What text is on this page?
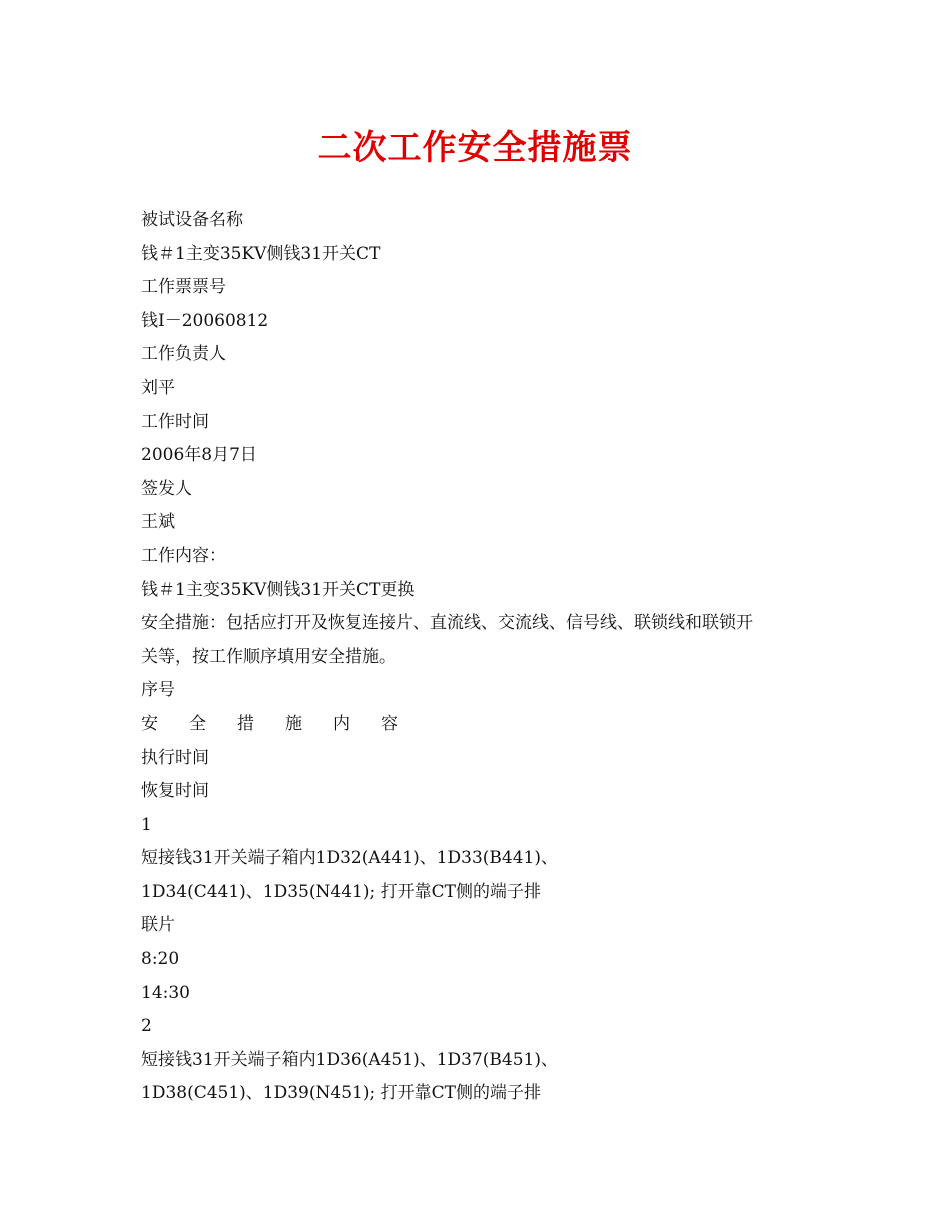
二次工作安全措施票
被试设备名称
钱＃1主变35KV侧钱31开关CT
工作票票号
钱Ⅰ－20060812
工作负责人
刘平
工作时间
2006年8月7日
签发人
王斌
工作内容：
钱＃1主变35KV侧钱31开关CT更换
安全措施：包括应打开及恢复连接片、直流线、交流线、信号线、联锁线和联锁开
关等，按工作顺序填用安全措施。
序号
安全措施内容
执行时间
恢复时间
1
短接钱31开关端子箱内1D32(A441)、1D33(B441)、
1D34(C441)、1D35(N441); 打开靠CT侧的端子排
联片
8:20
14:30
2
短接钱31开关端子箱内1D36(A451)、1D37(B451)、
1D38(C451)、1D39(N451); 打开靠CT侧的端子排
